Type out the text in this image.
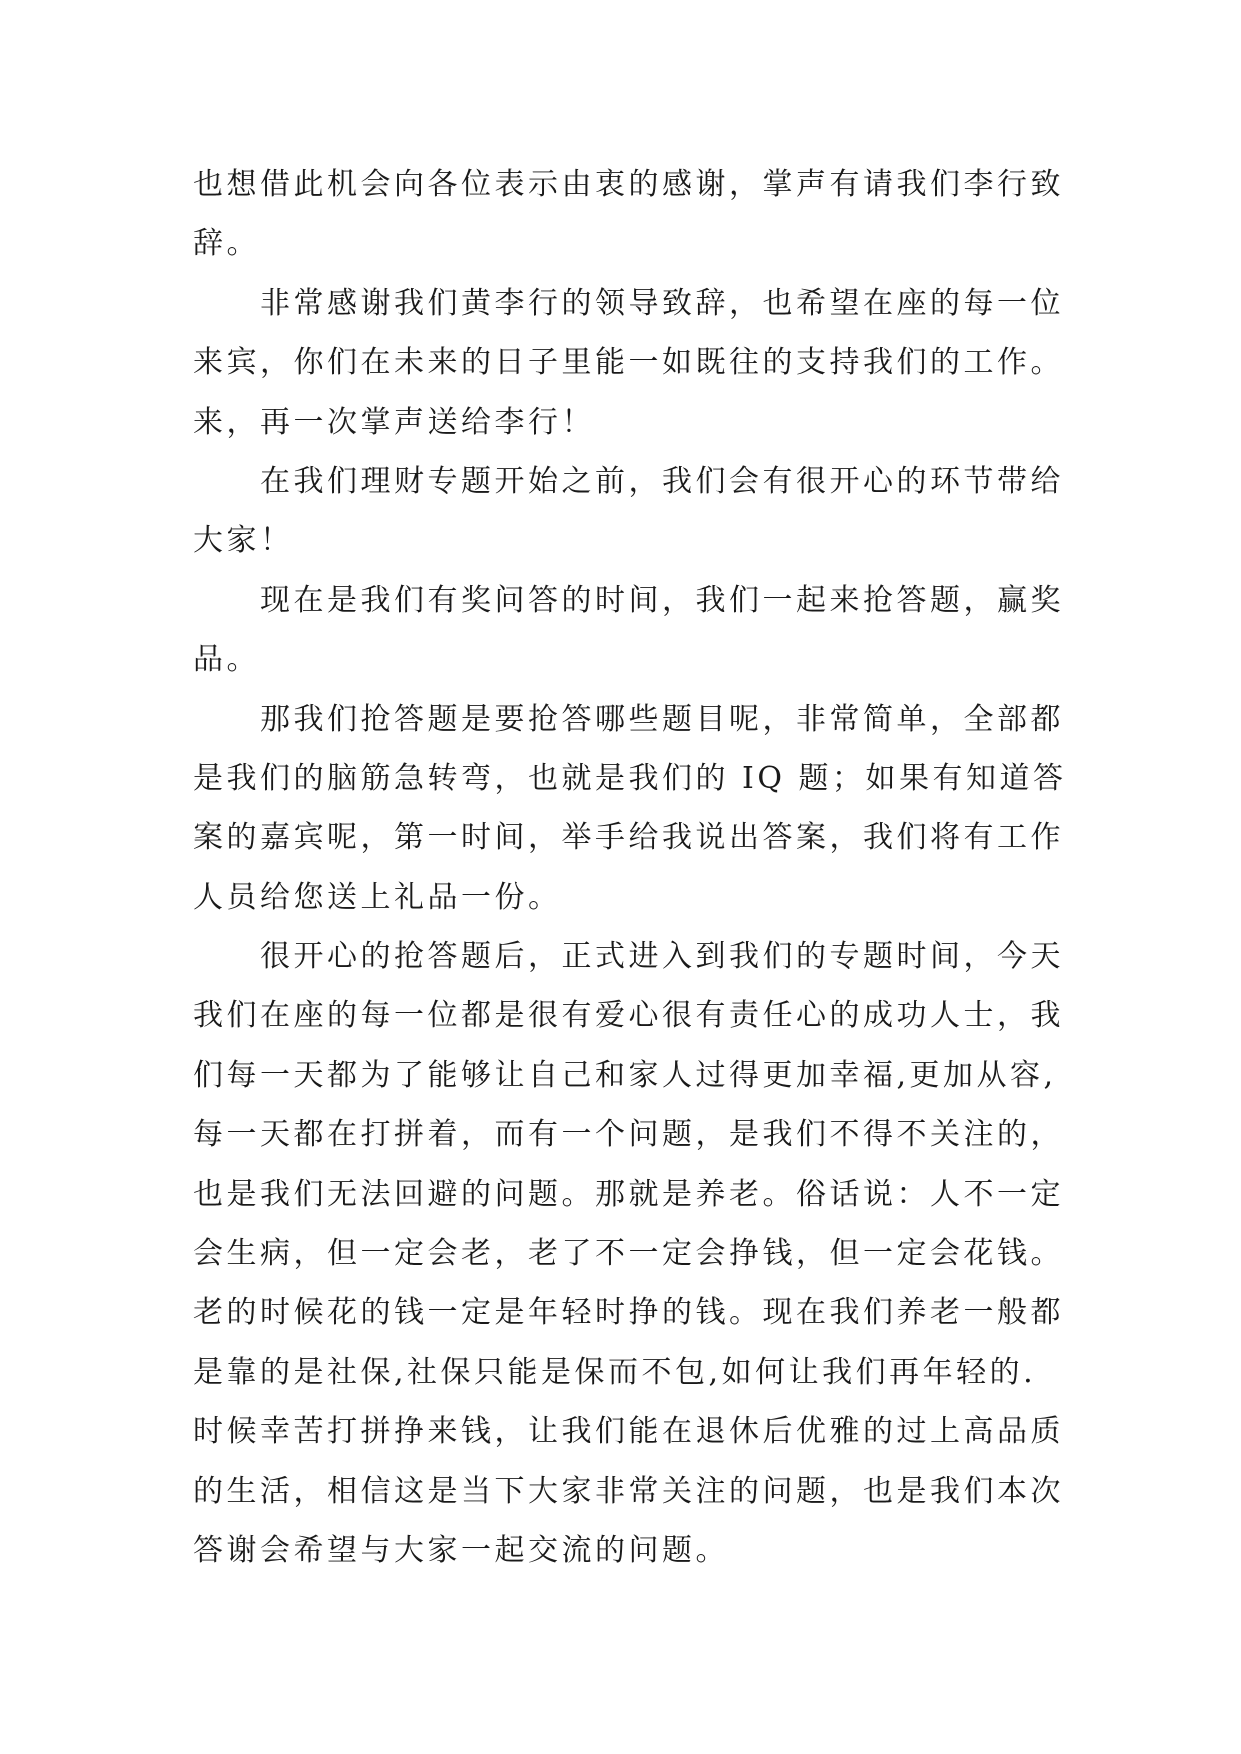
也想借此机会向各位表示由衷的感谢，掌声有请我们李行致
辞。
　　非常感谢我们黄李行的领导致辞，也希望在座的每一位
来宾，你们在未来的日子里能一如既往的支持我们的工作。
来，再一次掌声送给李行！
　　在我们理财专题开始之前，我们会有很开心的环节带给
大家！
　　现在是我们有奖问答的时间，我们一起来抢答题，赢奖
品。
　　那我们抢答题是要抢答哪些题目呢，非常简单，全部都
是我们的脑筋急转弯，也就是我们的 IQ 题；如果有知道答
案的嘉宾呢，第一时间，举手给我说出答案，我们将有工作
人员给您送上礼品一份。
　　很开心的抢答题后，正式进入到我们的专题时间，今天
我们在座的每一位都是很有爱心很有责任心的成功人士，我
们每一天都为了能够让自己和家人过得更加幸福,更加从容,
每一天都在打拼着，而有一个问题，是我们不得不关注的，
也是我们无法回避的问题。那就是养老。俗话说：人不一定
会生病，但一定会老，老了不一定会挣钱，但一定会花钱。
老的时候花的钱一定是年轻时挣的钱。现在我们养老一般都
是靠的是社保,社保只能是保而不包,如何让我们再年轻的.
时候幸苦打拼挣来钱，让我们能在退休后优雅的过上高品质
的生活，相信这是当下大家非常关注的问题，也是我们本次
答谢会希望与大家一起交流的问题。
